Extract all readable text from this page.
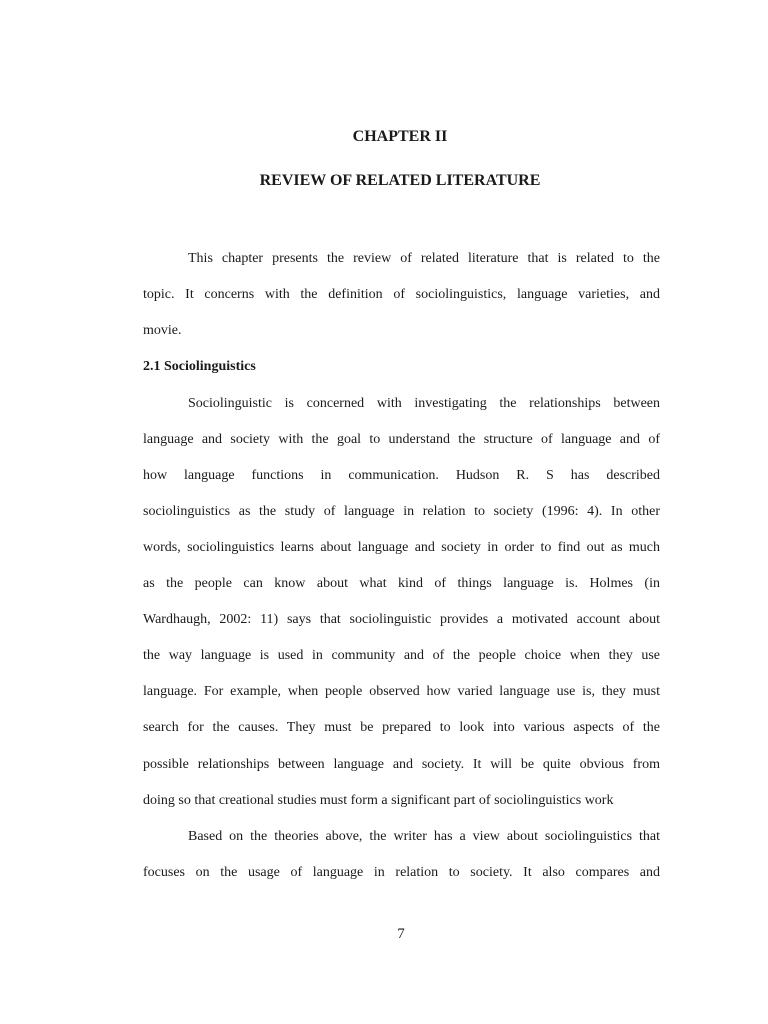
CHAPTER II
REVIEW OF RELATED LITERATURE
This chapter presents the review of related literature that is related to the
topic. It concerns with the definition of sociolinguistics, language varieties, and
movie.
2.1 Sociolinguistics
Sociolinguistic is concerned with investigating the relationships between
language and society with the goal to understand the structure of language and of
how language functions in communication. Hudson R. S has described
sociolinguistics as the study of language in relation to society (1996: 4). In other
words, sociolinguistics learns about language and society in order to find out as much
as the people can know about what kind of things language is. Holmes (in
Wardhaugh, 2002: 11) says that sociolinguistic provides a motivated account about
the way language is used in community and of the people choice when they use
language. For example, when people observed how varied language use is, they must
search for the causes. They must be prepared to look into various aspects of the
possible relationships between language and society. It will be quite obvious from
doing so that creational studies must form a significant part of sociolinguistics work
Based on the theories above, the writer has a view about sociolinguistics that
focuses on the usage of language in relation to society. It also compares and
7
